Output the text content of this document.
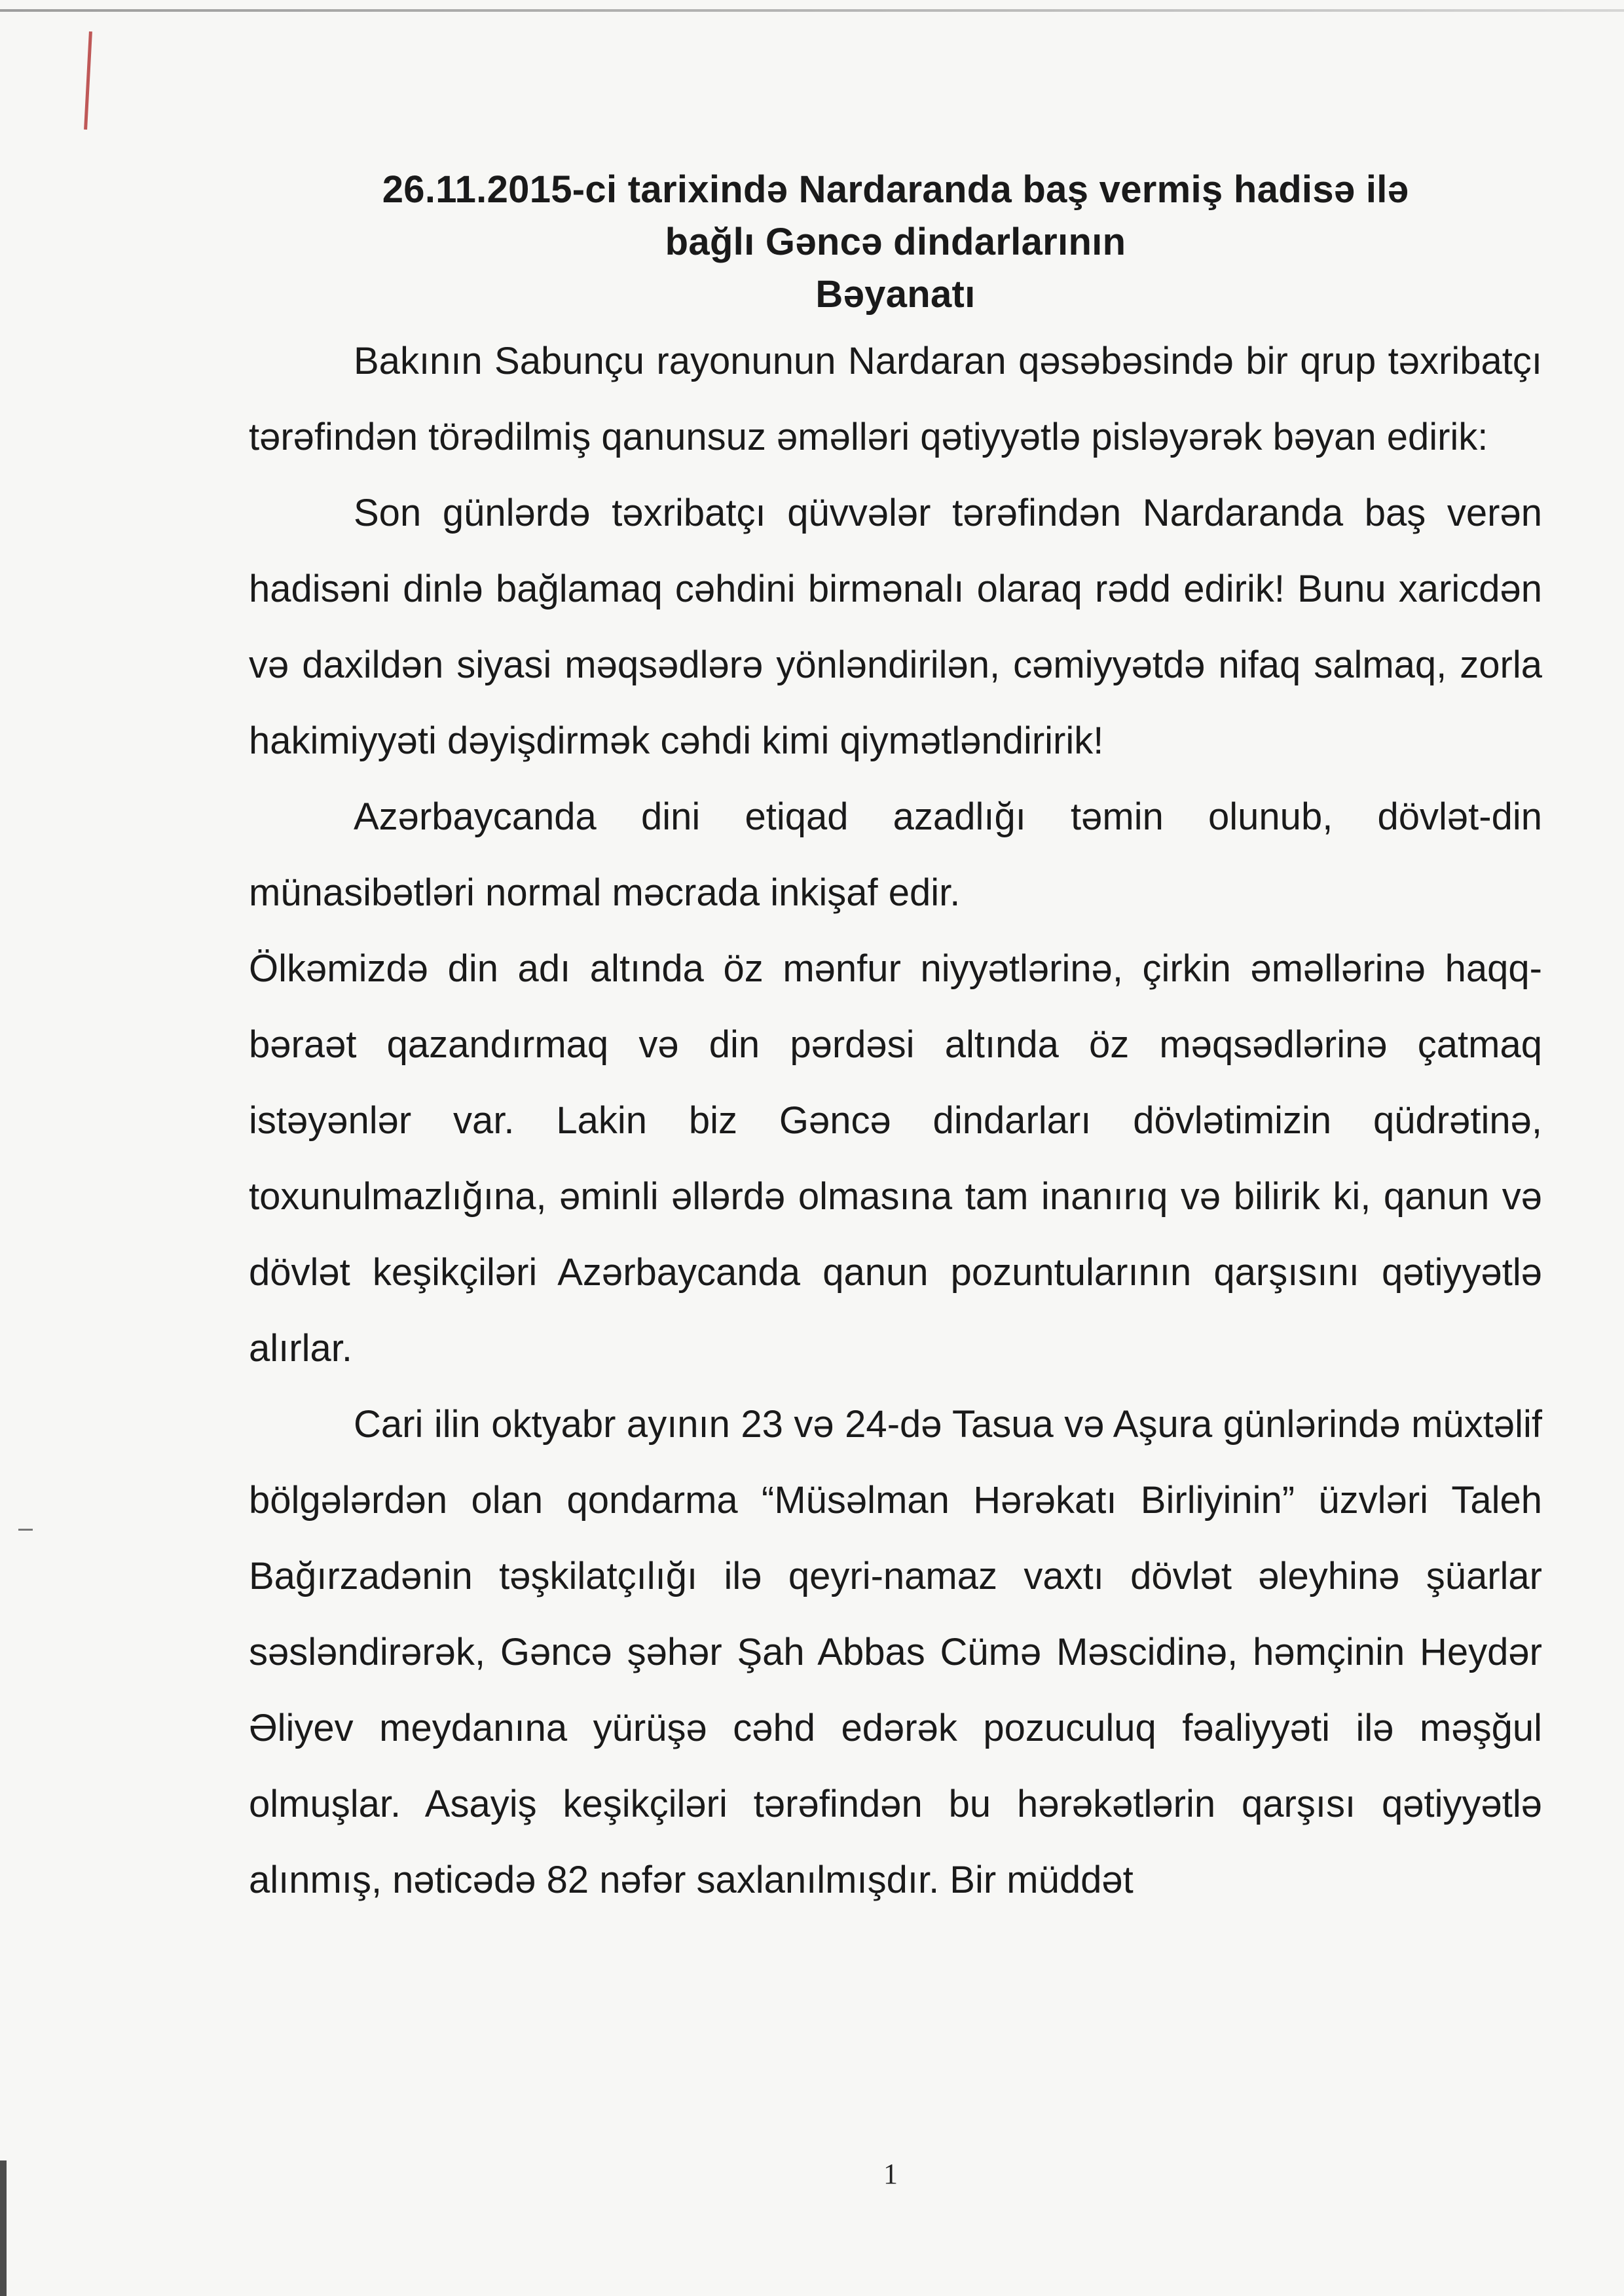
26.11.2015-ci tarixində Nardaranda baş vermiş hadisə ilə
bağlı Gəncə dindarlarının
Bəyanatı

Bakının Sabunçu rayonunun Nardaran qəsəbəsində bir qrup təxribatçı tərəfindən törədilmiş qanunsuz əməlləri qətiyyətlə pisləyərək bəyan edirik:

Son günlərdə təxribatçı qüvvələr tərəfindən Nardaranda baş verən hadisəni dinlə bağlamaq cəhdini birmənalı olaraq rədd edirik! Bunu xaricdən və daxildən siyasi məqsədlərə yönləndirilən, cəmiyyətdə nifaq salmaq, zorla hakimiyyəti dəyişdirmək cəhdi kimi qiymətləndiririk!

Azərbaycanda dini etiqad azadlığı təmin olunub, dövlət-din münasibətləri normal məcrada inkişaf edir.

Ölkəmizdə din adı altında öz mənfur niyyətlərinə, çirkin əməllərinə haqq-bəraət qazandırmaq və din pərdəsi altında öz məqsədlərinə çatmaq istəyənlər var. Lakin biz Gəncə dindarları dövlətimizin qüdrətinə, toxunulmazlığına, əminli əllərdə olmasına tam inanırıq və bilirik ki, qanun və dövlət keşikçiləri Azərbaycanda qanun pozuntularının qarşısını qətiyyətlə alırlar.

Cari ilin oktyabr ayının 23 və 24-də Tasua və Aşura günlərində müxtəlif bölgələrdən olan qondarma “Müsəlman Hərəkatı Birliyinin” üzvləri Taleh Bağırzadənin təşkilatçılığı ilə qeyri-namaz vaxtı dövlət əleyhinə şüarlar səsləndirərək, Gəncə şəhər Şah Abbas Cümə Məscidinə, həmçinin Heydər Əliyev meydanına yürüşə cəhd edərək pozuculuq fəaliyyəti ilə məşğul olmuşlar. Asayiş keşikçiləri tərəfindən bu hərəkətlərin qarşısı qətiyyətlə alınmış, nəticədə 82 nəfər saxlanılmışdır. Bir müddət

1
